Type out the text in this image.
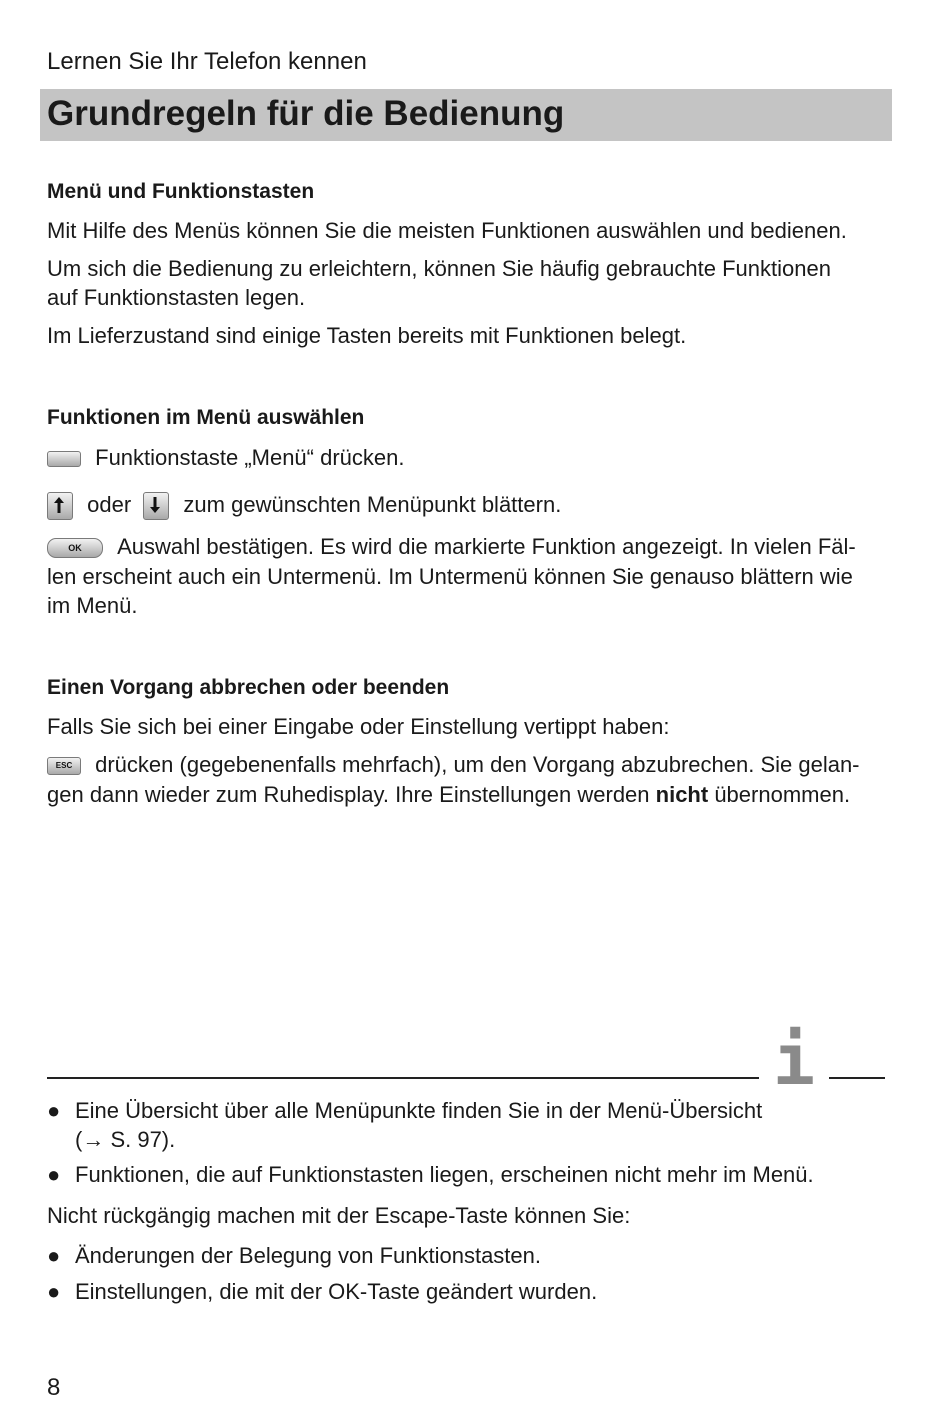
Lernen Sie Ihr Telefon kennen
Grundregeln für die Bedienung
Menü und Funktionstasten
Mit Hilfe des Menüs können Sie die meisten Funktionen auswählen und bedienen.
Um sich die Bedienung zu erleichtern, können Sie häufig gebrauchte Funktionen
auf Funktionstasten legen.
Im Lieferzustand sind einige Tasten bereits mit Funktionen belegt.
Funktionen im Menü auswählen
Funktionstaste „Menü“ drücken.
oder zum gewünschten Menüpunkt blättern.
OK Auswahl bestätigen. Es wird die markierte Funktion angezeigt. In vielen Fäl-
len erscheint auch ein Untermenü. Im Untermenü können Sie genauso blättern wie
im Menü.
Einen Vorgang abbrechen oder beenden
Falls Sie sich bei einer Eingabe oder Einstellung vertippt haben:
ESC drücken (gegebenenfalls mehrfach), um den Vorgang abzubrechen. Sie gelan-
gen dann wieder zum Ruhedisplay. Ihre Einstellungen werden nicht übernommen.
i
● Eine Übersicht über alle Menüpunkte finden Sie in der Menü-Übersicht
(→ S. 97).
● Funktionen, die auf Funktionstasten liegen, erscheinen nicht mehr im Menü.
Nicht rückgängig machen mit der Escape-Taste können Sie:
● Änderungen der Belegung von Funktionstasten.
● Einstellungen, die mit der OK-Taste geändert wurden.
8
